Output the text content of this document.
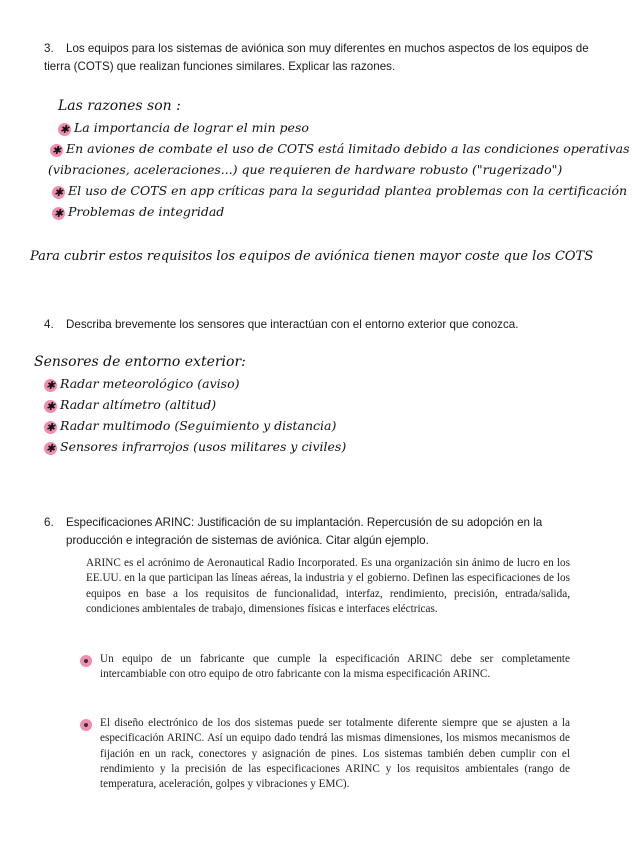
3. Los equipos para los sistemas de aviónica son muy diferentes en muchos aspectos de los equipos de tierra (COTS) que realizan funciones similares. Explicar las razones.
Las razones son :
✱ La importancia de lograr el min peso
✱ En aviones de combate el uso de COTS está limitado debido a las condiciones operativas
(vibraciones, aceleraciones...) que requieren de hardware robusto ("rugerizado")
✱ El uso de COTS en app críticas para la seguridad plantea problemas con la certificación
✱ Problemas de integridad
Para cubrir estos requisitos los equipos de aviónica tienen mayor coste que los COTS
4. Describa brevemente los sensores que interactúan con el entorno exterior que conozca.
Sensores de entorno exterior:
✱ Radar meteorológico (aviso)
✱ Radar altímetro (altitud)
✱ Radar multimodo (Seguimiento y distancia)
✱ Sensores infrarrojos (usos militares y civiles)
6. Especificaciones ARINC: Justificación de su implantación. Repercusión de su adopción en la
producción e integración de sistemas de aviónica. Citar algún ejemplo.
ARINC es el acrónimo de Aeronautical Radio Incorporated. Es una organización sin ánimo de lucro en los EE.UU. en la que participan las líneas aéreas, la industria y el gobierno. Definen las especificaciones de los equipos en base a los requisitos de funcionalidad, interfaz, rendimiento, precisión, entrada/salida, condiciones ambientales de trabajo, dimensiones físicas e interfaces eléctricas.
Un equipo de un fabricante que cumple la especificación ARINC debe ser completamente intercambiable con otro equipo de otro fabricante con la misma especificación ARINC.
El diseño electrónico de los dos sistemas puede ser totalmente diferente siempre que se ajusten a la especificación ARINC. Así un equipo dado tendrá las mismas dimensiones, los mismos mecanismos de fijación en un rack, conectores y asignación de pines. Los sistemas también deben cumplir con el rendimiento y la precisión de las especificaciones ARINC y los requisitos ambientales (rango de temperatura, aceleración, golpes y vibraciones y EMC).
